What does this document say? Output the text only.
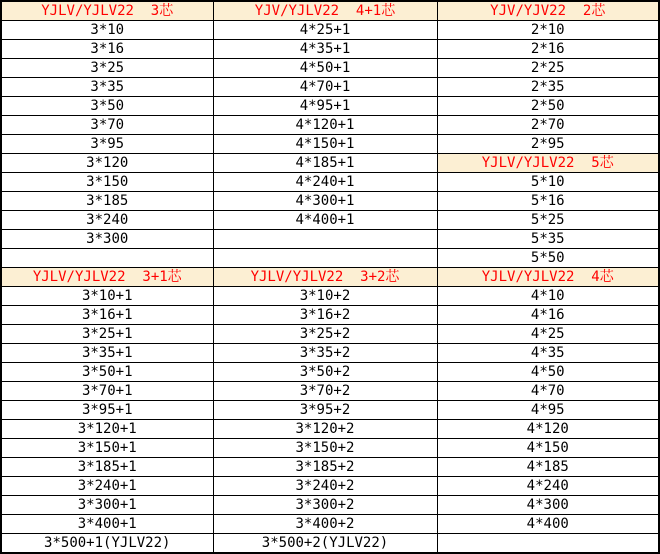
YJLV/YJLV22  3芯	YJV/YJLV22  4+1芯	YJV/YJV22  2芯
3*10	4*25+1	2*10
3*16	4*35+1	2*16
3*25	4*50+1	2*25
3*35	4*70+1	2*35
3*50	4*95+1	2*50
3*70	4*120+1	2*70
3*95	4*150+1	2*95
3*120	4*185+1	YJLV/YJLV22  5芯
3*150	4*240+1	5*10
3*185	4*300+1	5*16
3*240	4*400+1	5*25
3*300		5*35
		5*50
YJLV/YJLV22  3+1芯	YJLV/YJLV22  3+2芯	YJLV/YJLV22  4芯
3*10+1	3*10+2	4*10
3*16+1	3*16+2	4*16
3*25+1	3*25+2	4*25
3*35+1	3*35+2	4*35
3*50+1	3*50+2	4*50
3*70+1	3*70+2	4*70
3*95+1	3*95+2	4*95
3*120+1	3*120+2	4*120
3*150+1	3*150+2	4*150
3*185+1	3*185+2	4*185
3*240+1	3*240+2	4*240
3*300+1	3*300+2	4*300
3*400+1	3*400+2	4*400
3*500+1(YJLV22)	3*500+2(YJLV22)	
